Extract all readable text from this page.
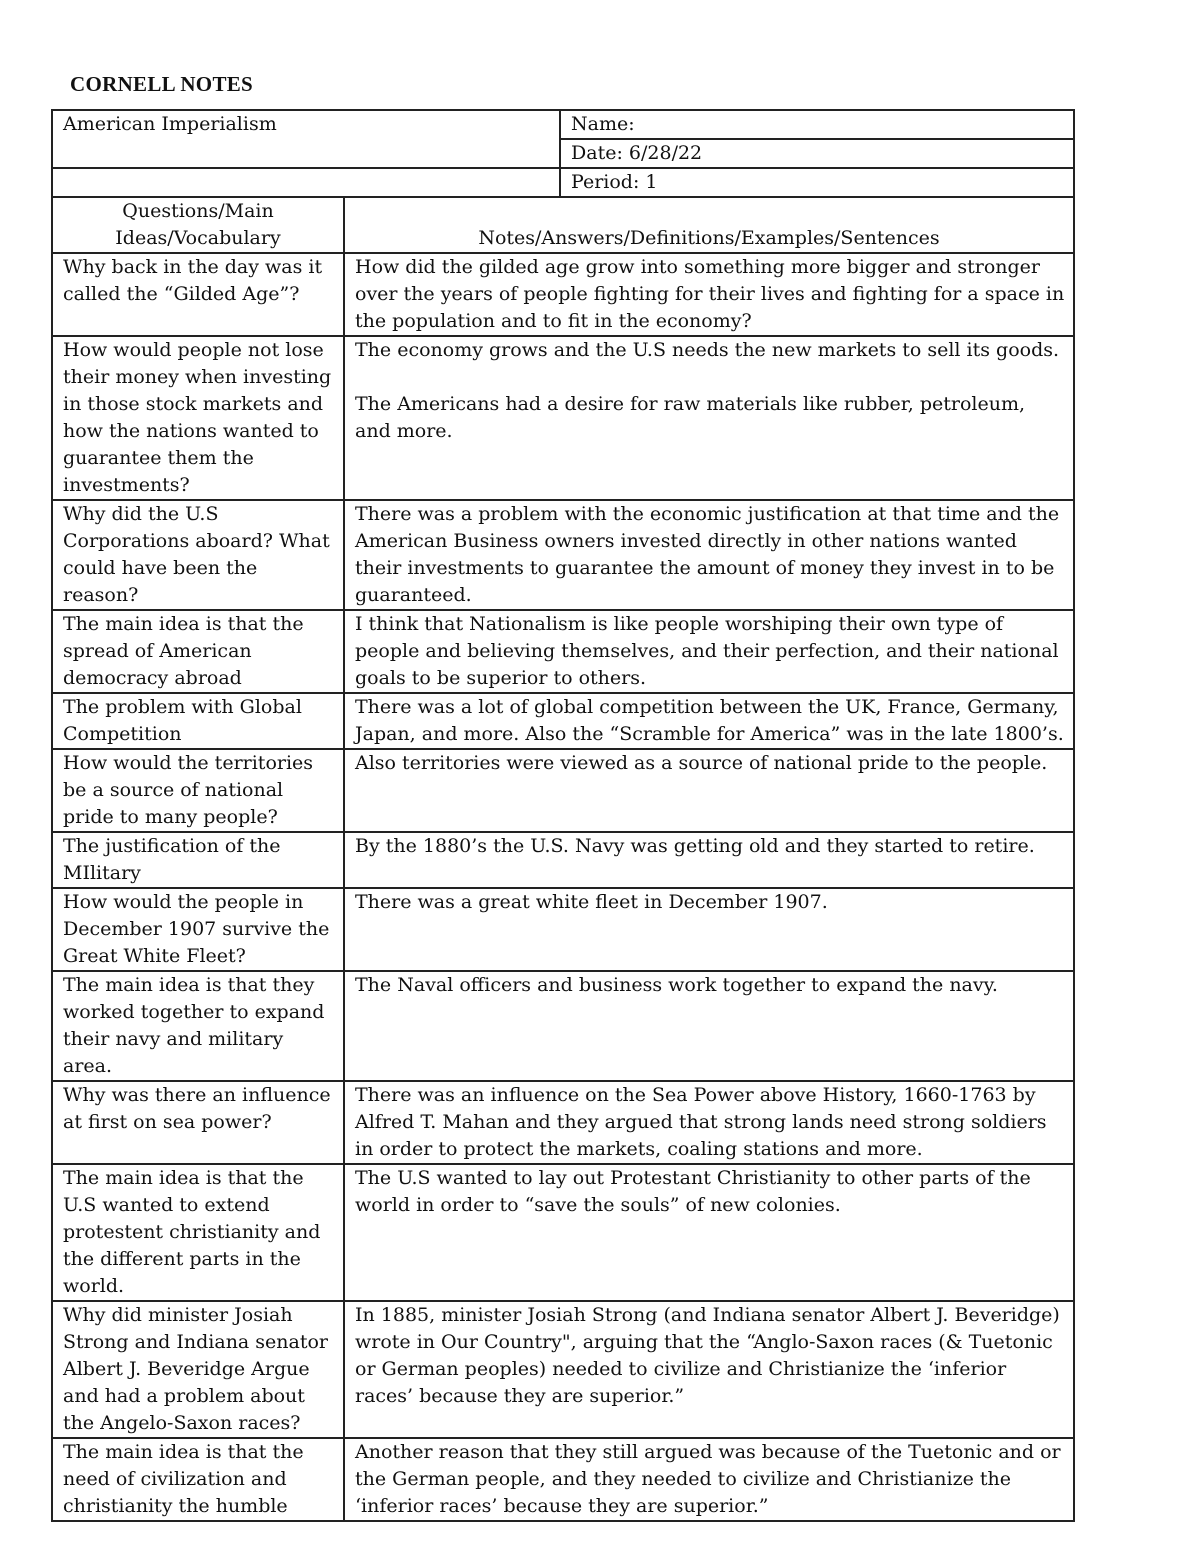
CORNELL NOTES
American Imperialism		Name:
		Date: 6/28/22
		Period: 1
Questions/Main Ideas/Vocabulary	Notes/Answers/Definitions/Examples/Sentences	
Why back in the day was it called the “Gilded Age”?	How did the gilded age grow into something more bigger and stronger over the years of people fighting for their lives and fighting for a space in the population and to fit in the economy?	
How would people not lose their money when investing in those stock markets and how the nations wanted to guarantee them the investments?	The economy grows and the U.S needs the new markets to sell its goods.
The Americans had a desire for raw materials like rubber, petroleum, and more.	
Why did the U.S Corporations aboard? What could have been the reason?	There was a problem with the economic justification at that time and the American Business owners invested directly in other nations wanted their investments to guarantee the amount of money they invest in to be guaranteed.	
The main idea is that the spread of American democracy abroad	I think that Nationalism is like people worshiping their own type of people and believing themselves, and their perfection, and their national goals to be superior to others.	
The problem with Global Competition	There was a lot of global competition between the UK, France, Germany, Japan, and more. Also the “Scramble for America” was in the late 1800’s.	
How would the territories be a source of national pride to many people?	Also territories were viewed as a source of national pride to the people.	
The justification of the MIlitary	By the 1880’s the U.S. Navy was getting old and they started to retire.	
How would the people in December 1907 survive the Great White Fleet?	There was a great white fleet in December 1907.	
The main idea is that they worked together to expand their navy and military area.	The Naval officers and business work together to expand the navy.	
Why was there an influence at first on sea power?	There was an influence on the Sea Power above History, 1660-1763 by Alfred T. Mahan and they argued that strong lands need strong soldiers in order to protect the markets, coaling stations and more.	
The main idea is that the U.S wanted to extend protestent christianity and the different parts in the world.	The U.S wanted to lay out Protestant Christianity to other parts of the world in order to “save the souls” of new colonies.	
Why did minister Josiah Strong and Indiana senator Albert J. Beveridge Argue and had a problem about the Angelo-Saxon races?	In 1885, minister Josiah Strong (and Indiana senator Albert J. Beveridge) wrote in Our Country", arguing that the “Anglo-Saxon races (& Tuetonic or German peoples) needed to civilize and Christianize the ‘inferior races’ because they are superior.”	
The main idea is that the need of civilization and christianity the humble	Another reason that they still argued was because of the Tuetonic and or the German people, and they needed to civilize and Christianize the ‘inferior races’ because they are superior.”	
